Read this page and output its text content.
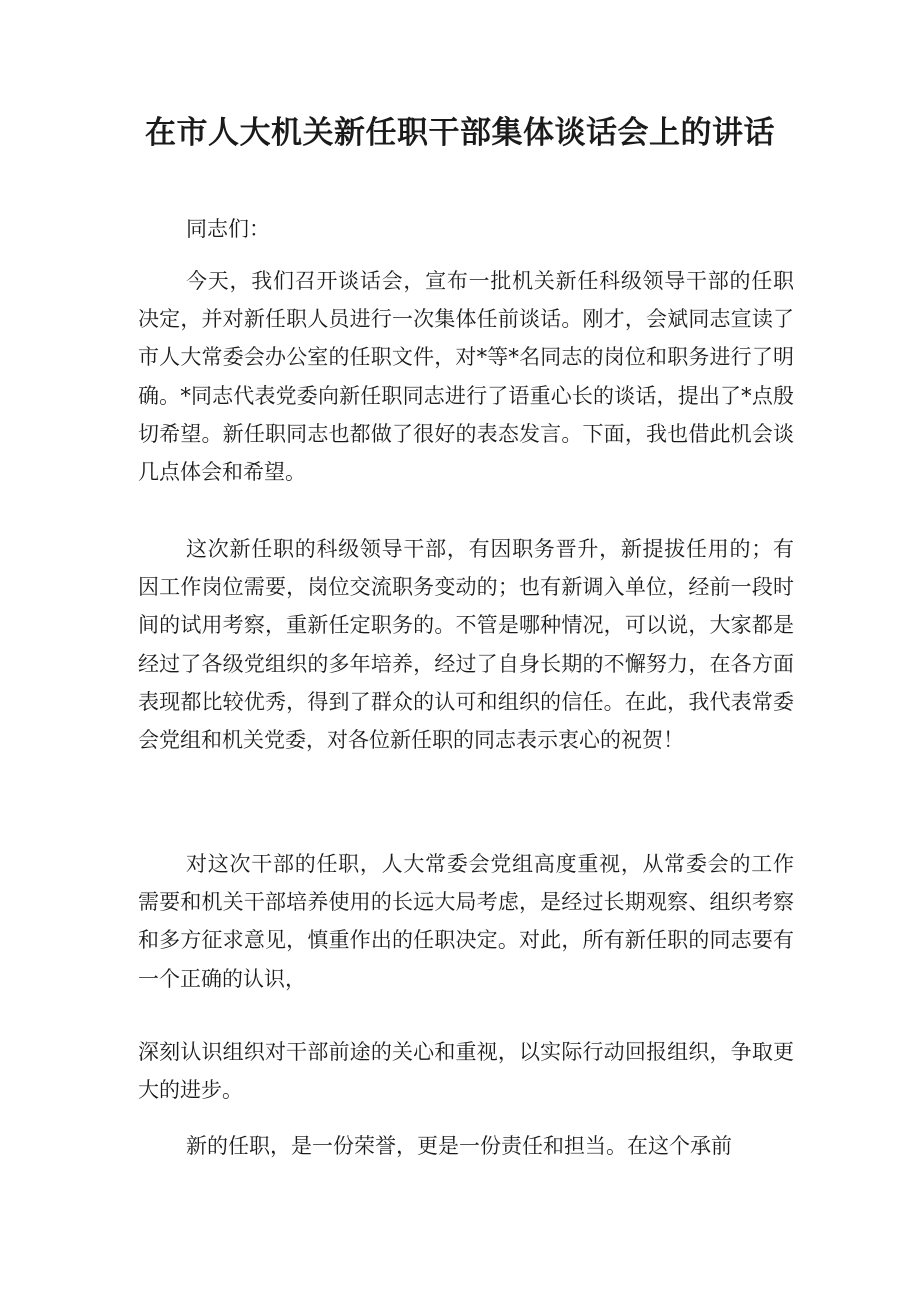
在市人大机关新任职干部集体谈话会上的讲话

同志们：

今天，我们召开谈话会，宣布一批机关新任科级领导干部的任职决定，并对新任职人员进行一次集体任前谈话。刚才，会斌同志宣读了市人大常委会办公室的任职文件，对*等*名同志的岗位和职务进行了明确。*同志代表党委向新任职同志进行了语重心长的谈话，提出了*点殷切希望。新任职同志也都做了很好的表态发言。下面，我也借此机会谈几点体会和希望。

这次新任职的科级领导干部，有因职务晋升，新提拔任用的；有因工作岗位需要，岗位交流职务变动的；也有新调入单位，经前一段时间的试用考察，重新任定职务的。不管是哪种情况，可以说，大家都是经过了各级党组织的多年培养，经过了自身长期的不懈努力，在各方面表现都比较优秀，得到了群众的认可和组织的信任。在此，我代表常委会党组和机关党委，对各位新任职的同志表示衷心的祝贺！

对这次干部的任职，人大常委会党组高度重视，从常委会的工作需要和机关干部培养使用的长远大局考虑，是经过长期观察、组织考察和多方征求意见，慎重作出的任职决定。对此，所有新任职的同志要有一个正确的认识，

深刻认识组织对干部前途的关心和重视，以实际行动回报组织，争取更大的进步。

新的任职，是一份荣誉，更是一份责任和担当。在这个承前
